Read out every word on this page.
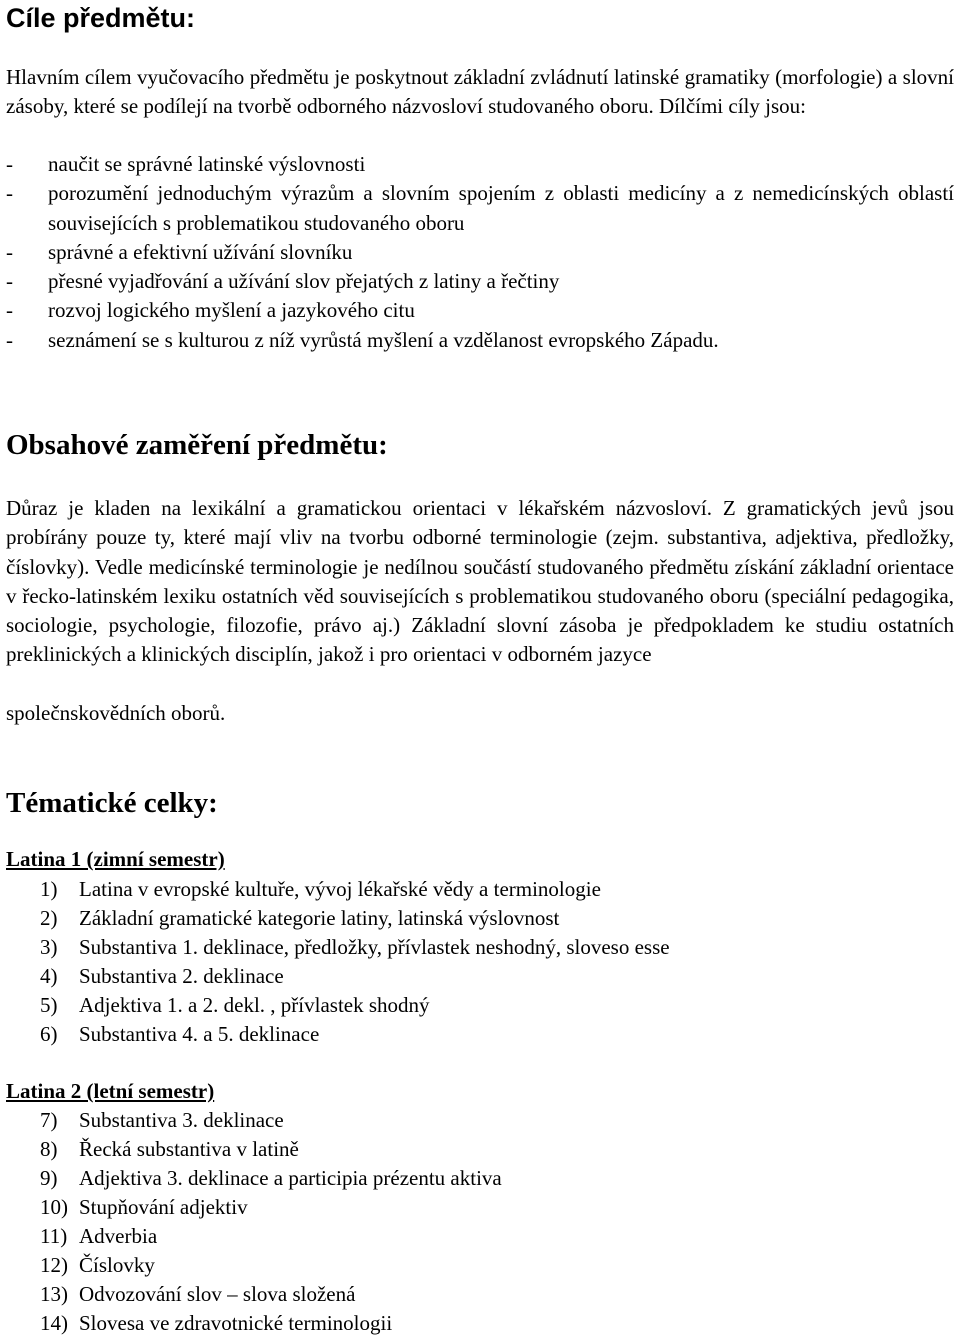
Cíle předmětu:

Hlavním cílem vyučovacího předmětu je poskytnout základní zvládnutí latinské gramatiky (morfologie) a slovní zásoby, které se podílejí na tvorbě odborného názvosloví studovaného oboru. Dílčími cíly jsou:

- naučit se správné latinské výslovnosti
- porozumění jednoduchým výrazům a slovním spojením z oblasti medicíny a z nemedicínských oblastí souvisejících s problematikou studovaného oboru
- správné a efektivní užívání slovníku
- přesné vyjadřování a užívání slov přejatých z latiny a řečtiny
- rozvoj logického myšlení a jazykového citu
- seznámení se s kulturou z níž vyrůstá myšlení a vzdělanost evropského Západu.
Obsahové zaměření předmětu:

Důraz je kladen na lexikální a gramatickou orientaci v lékařském názvosloví. Z gramatických jevů jsou probírány pouze ty, které mají vliv na tvorbu odborné terminologie (zejm. substantiva, adjektiva, předložky, číslovky). Vedle medicínské terminologie je nedílnou součástí studovaného předmětu získání základní orientace v řecko-latinském lexiku ostatních věd souvisejících s problematikou studovaného oboru (speciální pedagogika, sociologie, psychologie, filozofie, právo aj.) Základní slovní zásoba je předpokladem ke studiu ostatních preklinických a klinických disciplín, jakož i pro orientaci v odborném jazyce

společnskovědních oborů.

Tématické celky:

Latina 1 (zimní semestr)

1) Latina v evropské kultuře, vývoj lékařské vědy a terminologie
2) Základní gramatické kategorie latiny, latinská výslovnost
3) Substantiva 1. deklinace, předložky, přívlastek neshodný, sloveso esse
4) Substantiva 2. deklinace
5) Adjektiva 1. a 2. dekl. , přívlastek shodný
6) Substantiva 4. a 5. deklinace

Latina 2 (letní semestr)

7) Substantiva 3. deklinace
8) Řecká substantiva v latině
9) Adjektiva 3. deklinace a participia prézentu aktiva
10) Stupňování adjektiv
11) Adverbia
12) Číslovky
13) Odvozování slov – slova složená
14) Slovesa ve zdravotnické terminologii
